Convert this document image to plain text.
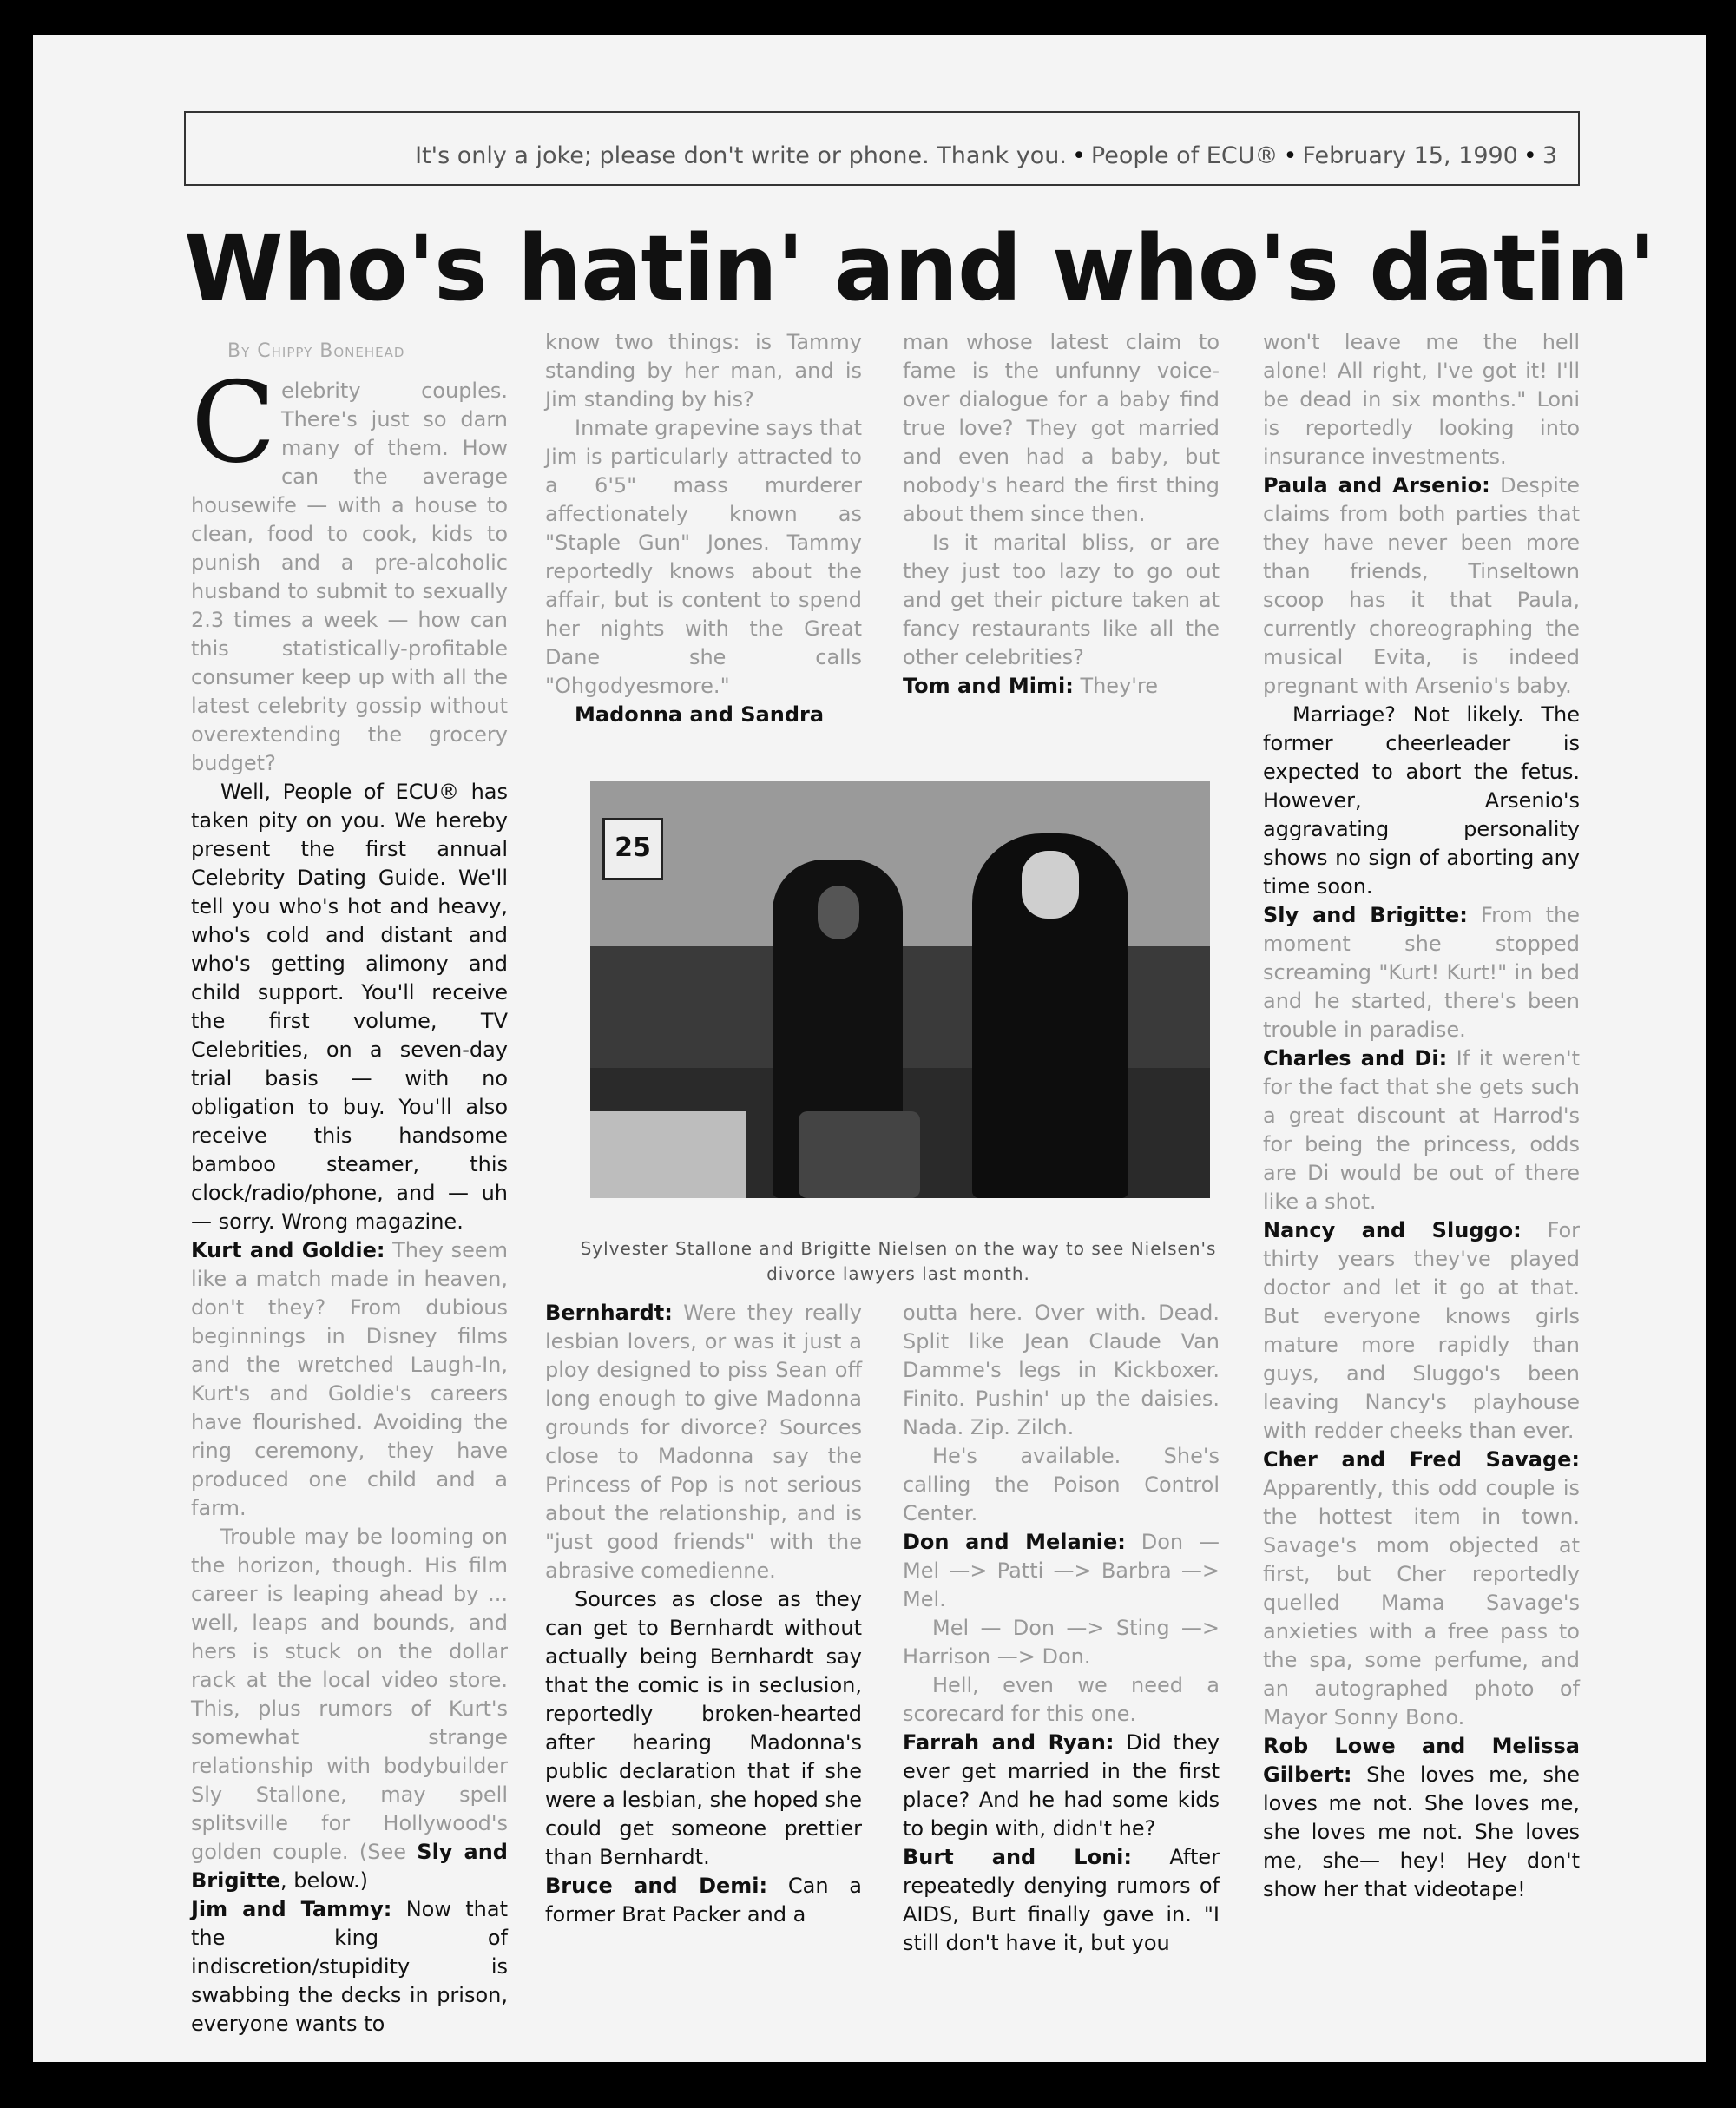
It's only a joke; please don't write or phone. Thank you. • People of ECU® • February 15, 1990 • 3
Who's hatin' and who's datin'
By Chippy Bonehead

Celebrity couples. There's just so darn many of them. How can the average housewife — with a house to clean, food to cook, kids to punish and a pre-alcoholic husband to submit to sexually 2.3 times a week — how can this statistically-profitable consumer keep up with all the latest celebrity gossip without overextending the grocery budget?

Well, People of ECU® has taken pity on you. We hereby present the first annual Celebrity Dating Guide. We'll tell you who's hot and heavy, who's cold and distant and who's getting alimony and child support. You'll receive the first volume, TV Celebrities, on a seven-day trial basis — with no obligation to buy. You'll also receive this handsome bamboo steamer, this clock/radio/phone, and — uh — sorry. Wrong magazine.

Kurt and Goldie: They seem like a match made in heaven, don't they? From dubious beginnings in Disney films and the wretched Laugh-In, Kurt's and Goldie's careers have flourished. Avoiding the ring ceremony, they have produced one child and a farm.

Trouble may be looming on the horizon, though. His film career is leaping ahead by ... well, leaps and bounds, and hers is stuck on the dollar rack at the local video store. This, plus rumors of Kurt's somewhat strange relationship with bodybuilder Sly Stallone, may spell splitsville for Hollywood's golden couple. (See Sly and Brigitte, below.)

Jim and Tammy: Now that the king of indiscretion/stupidity is swabbing the decks in prison, everyone wants to

know two things: is Tammy standing by her man, and is Jim standing by his?

Inmate grapevine says that Jim is particularly attracted to a 6'5" mass murderer affectionately known as "Staple Gun" Jones. Tammy reportedly knows about the affair, but is content to spend her nights with the Great Dane she calls "Ohgodyesmore."

Madonna and Sandra

man whose latest claim to fame is the unfunny voice-over dialogue for a baby find true love? They got married and even had a baby, but nobody's heard the first thing about them since then.

Is it marital bliss, or are they just too lazy to go out and get their picture taken at fancy restaurants like all the other celebrities?

Tom and Mimi: They're

25
Sylvester Stallone and Brigitte Nielsen on the way to see Nielsen's divorce lawyers last month.

Bernhardt: Were they really lesbian lovers, or was it just a ploy designed to piss Sean off long enough to give Madonna grounds for divorce? Sources close to Madonna say the Princess of Pop is not serious about the relationship, and is "just good friends" with the abrasive comedienne.

Sources as close as they can get to Bernhardt without actually being Bernhardt say that the comic is in seclusion, reportedly broken-hearted after hearing Madonna's public declaration that if she were a lesbian, she hoped she could get someone prettier than Bernhardt.

Bruce and Demi: Can a former Brat Packer and a

outta here. Over with. Dead. Split like Jean Claude Van Damme's legs in Kickboxer. Finito. Pushin' up the daisies. Nada. Zip. Zilch.

He's available. She's calling the Poison Control Center.

Don and Melanie: Don — Mel —> Patti —> Barbra —> Mel.

Mel — Don —> Sting —> Harrison —> Don.

Hell, even we need a scorecard for this one.

Farrah and Ryan: Did they ever get married in the first place? And he had some kids to begin with, didn't he?

Burt and Loni: After repeatedly denying rumors of AIDS, Burt finally gave in. "I still don't have it, but you

won't leave me the hell alone! All right, I've got it! I'll be dead in six months." Loni is reportedly looking into insurance investments.

Paula and Arsenio: Despite claims from both parties that they have never been more than friends, Tinseltown scoop has it that Paula, currently choreographing the musical Evita, is indeed pregnant with Arsenio's baby.

Marriage? Not likely. The former cheerleader is expected to abort the fetus. However, Arsenio's aggravating personality shows no sign of aborting any time soon.

Sly and Brigitte: From the moment she stopped screaming "Kurt! Kurt!" in bed and he started, there's been trouble in paradise.

Charles and Di: If it weren't for the fact that she gets such a great discount at Harrod's for being the princess, odds are Di would be out of there like a shot.

Nancy and Sluggo: For thirty years they've played doctor and let it go at that. But everyone knows girls mature more rapidly than guys, and Sluggo's been leaving Nancy's playhouse with redder cheeks than ever.

Cher and Fred Savage: Apparently, this odd couple is the hottest item in town. Savage's mom objected at first, but Cher reportedly quelled Mama Savage's anxieties with a free pass to the spa, some perfume, and an autographed photo of Mayor Sonny Bono.

Rob Lowe and Melissa Gilbert: She loves me, she loves me not. She loves me, she loves me not. She loves me, she— hey! Hey don't show her that videotape!
